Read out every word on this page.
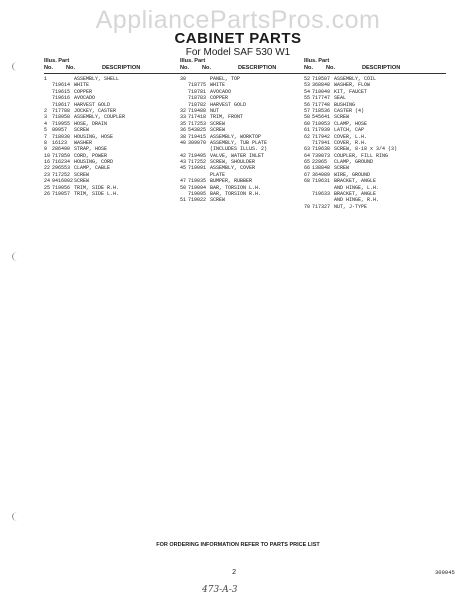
AppliancePartsPros.com
CABINET PARTS
For Model SAF 530 W1
Illus. Part
No. No.	DESCRIPTION
1	ASSEMBLY, SHELL
719614 WHITE
719615 COPPER
719616 AVOCADO
719617 HARVEST GOLD
2 717788 JOCKEY, CASTER
3 718058 ASSEMBLY, COUPLER
4 719955 HOSE, DRAIN
5 80957	SCREW
7 718030 HOUSING, HOSE
8 16123	WASHER
9 286490 STRAP, HOSE
10 717859 CORD, POWER
16 716234 HOUSING, CORD
22 296553 CLAMP, CABLE
23 717252 SCREW
24 9416002 SCREW
25 719056 TRIM, SIDE R.H.
26 719057 TRIM, SIDE L.H.
Illus. Part
No. No.	DESCRIPTION
30	PANEL, TOP
718775 WHITE
718781 AVOCADO
718783 COPPER
718782 HARVEST GOLD
32 719488 NUT
33 717418 TRIM, FRONT
35 717253 SCREW
36 543825 SCREW
38 719415 ASSEMBLY, WORKTOP
40 309070 ASSEMBLY, TUB PLATE
(INCLUDES ILLUS. 2)
42 719495 VALVE, WATER INLET
43 717252 SCREW, SHOULDER
45 719091 ASSEMBLY, COVER
PLATE
47 719035 BUMPER, RUBBER
50 719094 BAR, TORSION L.H.
719095 BAR, TORSION R.H.
51 719022 SCREW
Illus. Part
No. No.	DESCRIPTION
52 719507 ASSEMBLY, COIL
53 368848 WASHER, FLOW
54 719049 KIT, FAUCET
55 717747 SEAL
56 717748 BUSHING
57 718536 CASTER (4)
58 545641 SCREW
60 719953 CLAMP, HOSE
61 717939 LATCH, CAP
62 717942 COVER, L.H.
717941 COVER, R.H.
63 719638 SCREW, 8-18 x 3/4 (3)
64 739073 COUPLER, FILL RING
65 22965	CLAMP, GROUND
66 138848 SCREW
67 364089 WIRE, GROUND
68 719631 BRACKET, ANGLE
AND HINGE, L.H.
719633 BRACKET, ANGLE
AND HINGE, R.H.
70 717327 NUT, J-TYPE
FOR ORDERING INFORMATION REFER TO PARTS PRICE LIST
2	300045
473-A-3
